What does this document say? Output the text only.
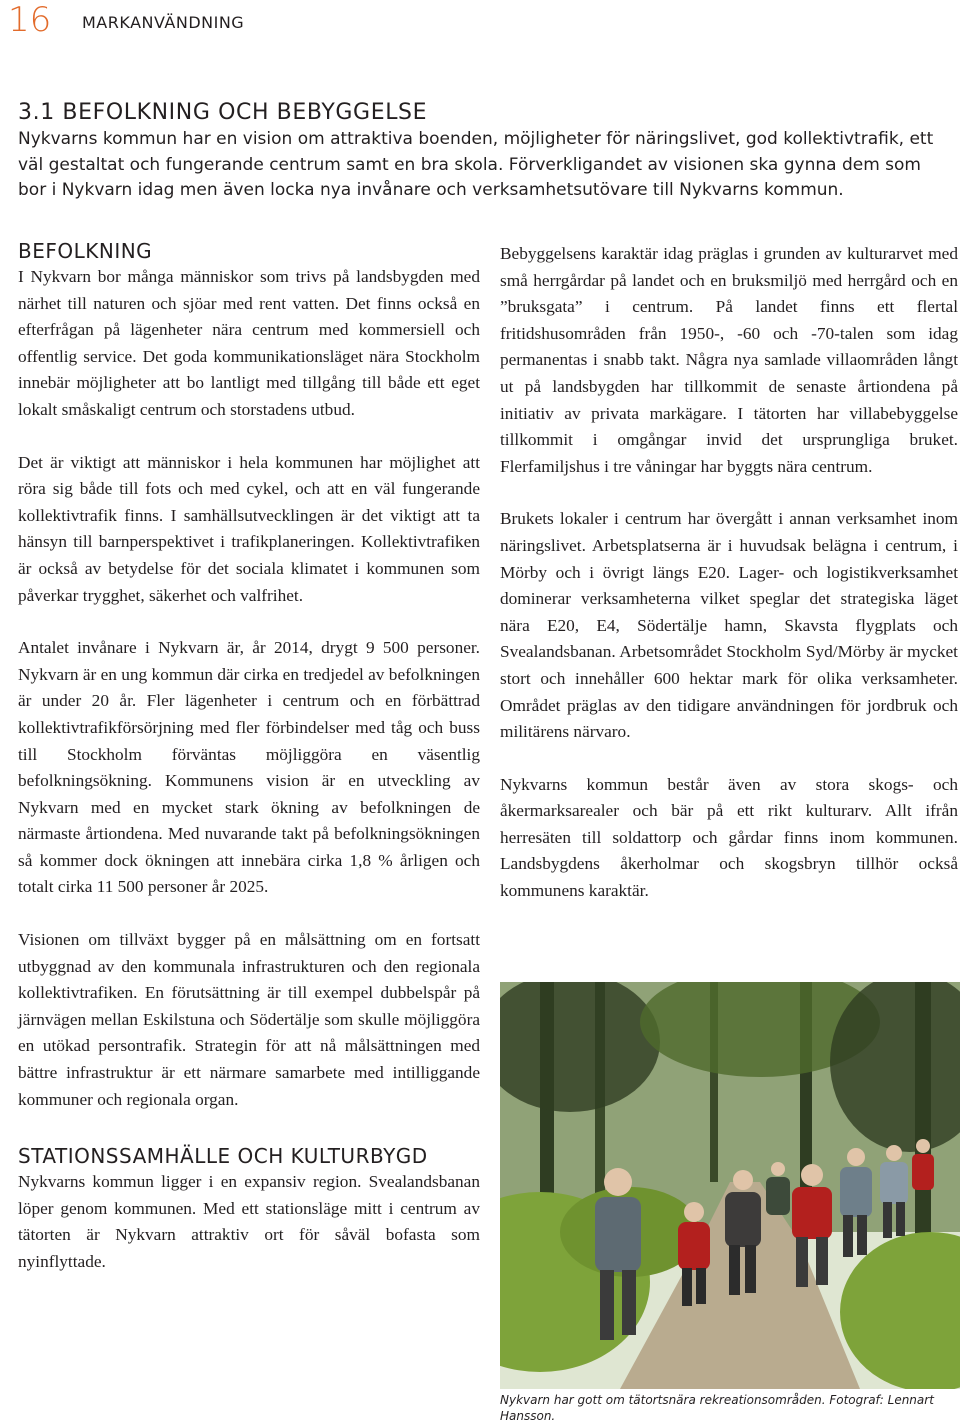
16 MARKANVÄNDNING

3.1 BEFOLKNING OCH BEBYGGELSE

Nykvarns kommun har en vision om attraktiva boenden, möjligheter för näringslivet, god kollektivtrafik, ett väl gestaltat och fungerande centrum samt en bra skola. Förverkligandet av visionen ska gynna dem som bor i Nykvarn idag men även locka nya invånare och verksamhetsutövare till Nykvarns kommun.

BEFOLKNING

I Nykvarn bor många människor som trivs på landsbygden med närhet till naturen och sjöar med rent vatten. Det finns också en efterfrågan på lägenheter nära centrum med kommersiell och offentlig service. Det goda kommunikationsläget nära Stockholm innebär möjligheter att bo lantligt med tillgång till både ett eget lokalt småskaligt centrum och storstadens utbud.

Det är viktigt att människor i hela kommunen har möjlighet att röra sig både till fots och med cykel, och att en väl fungerande kollektivtrafik finns. I samhällsutvecklingen är det viktigt att ta hänsyn till barnperspektivet i trafikplaneringen. Kollektivtrafiken är också av betydelse för det sociala klimatet i kommunen som påverkar trygghet, säkerhet och valfrihet.

Antalet invånare i Nykvarn är, år 2014, drygt 9 500 personer. Nykvarn är en ung kommun där cirka en tredjedel av befolkningen är under 20 år. Fler lägenheter i centrum och en förbättrad kollektivtrafikförsörjning med fler förbindelser med tåg och buss till Stockholm förväntas möjliggöra en väsentlig befolkningsökning. Kommunens vision är en utveckling av Nykvarn med en mycket stark ökning av befolkningen de närmaste årtiondena. Med nuvarande takt på befolkningsökningen så kommer dock ökningen att innebära cirka 1,8 % årligen och totalt cirka 11 500 personer år 2025.

Visionen om tillväxt bygger på en målsättning om en fortsatt utbyggnad av den kommunala infrastrukturen och den regionala kollektivtrafiken. En förutsättning är till exempel dubbelspår på järnvägen mellan Eskilstuna och Södertälje som skulle möjliggöra en utökad persontrafik. Strategin för att nå målsättningen med bättre infrastruktur är ett närmare samarbete med intilliggande kommuner och regionala organ.

STATIONSSAMHÄLLE OCH KULTURBYGD

Nykvarns kommun ligger i en expansiv region. Svealandsbanan löper genom kommunen. Med ett stationsläge mitt i centrum av tätorten är Nykvarn attraktiv ort för såväl bofasta som nyinflyttade.

Bebyggelsens karaktär idag präglas i grunden av kulturarvet med små herrgårdar på landet och en bruksmiljö med herrgård och en ”bruksgata” i centrum. På landet finns ett flertal fritidshusområden från 1950-, -60 och -70-talen som idag permanentas i snabb takt. Några nya samlade villaområden långt ut på landsbygden har tillkommit de senaste årtiondena på initiativ av privata markägare. I tätorten har villabebyggelse tillkommit i omgångar invid det ursprungliga bruket. Flerfamiljshus i tre våningar har byggts nära centrum.

Brukets lokaler i centrum har övergått i annan verksamhet inom näringslivet. Arbetsplatserna är i huvudsak belägna i centrum, i Mörby och i övrigt längs E20. Lager- och logistikverksamhet dominerar verksamheterna vilket speglar det strategiska läget nära E20, E4, Södertälje hamn, Skavsta flygplats och Svealandsbanan. Arbetsområdet Stockholm Syd/Mörby är mycket stort och innehåller 600 hektar mark för olika verksamheter. Området präglas av den tidigare användningen för jordbruk och militärens närvaro.

Nykvarns kommun består även av stora skogs- och åkermarksarealer och bär på ett rikt kulturarv. Allt ifrån herresäten till soldattorp och gårdar finns inom kommunen. Landsbygdens åkerholmar och skogsbryn tillhör också kommunens karaktär.

Nykvarn har gott om tätortsnära rekreationsområden. Fotograf: Lennart Hansson.
